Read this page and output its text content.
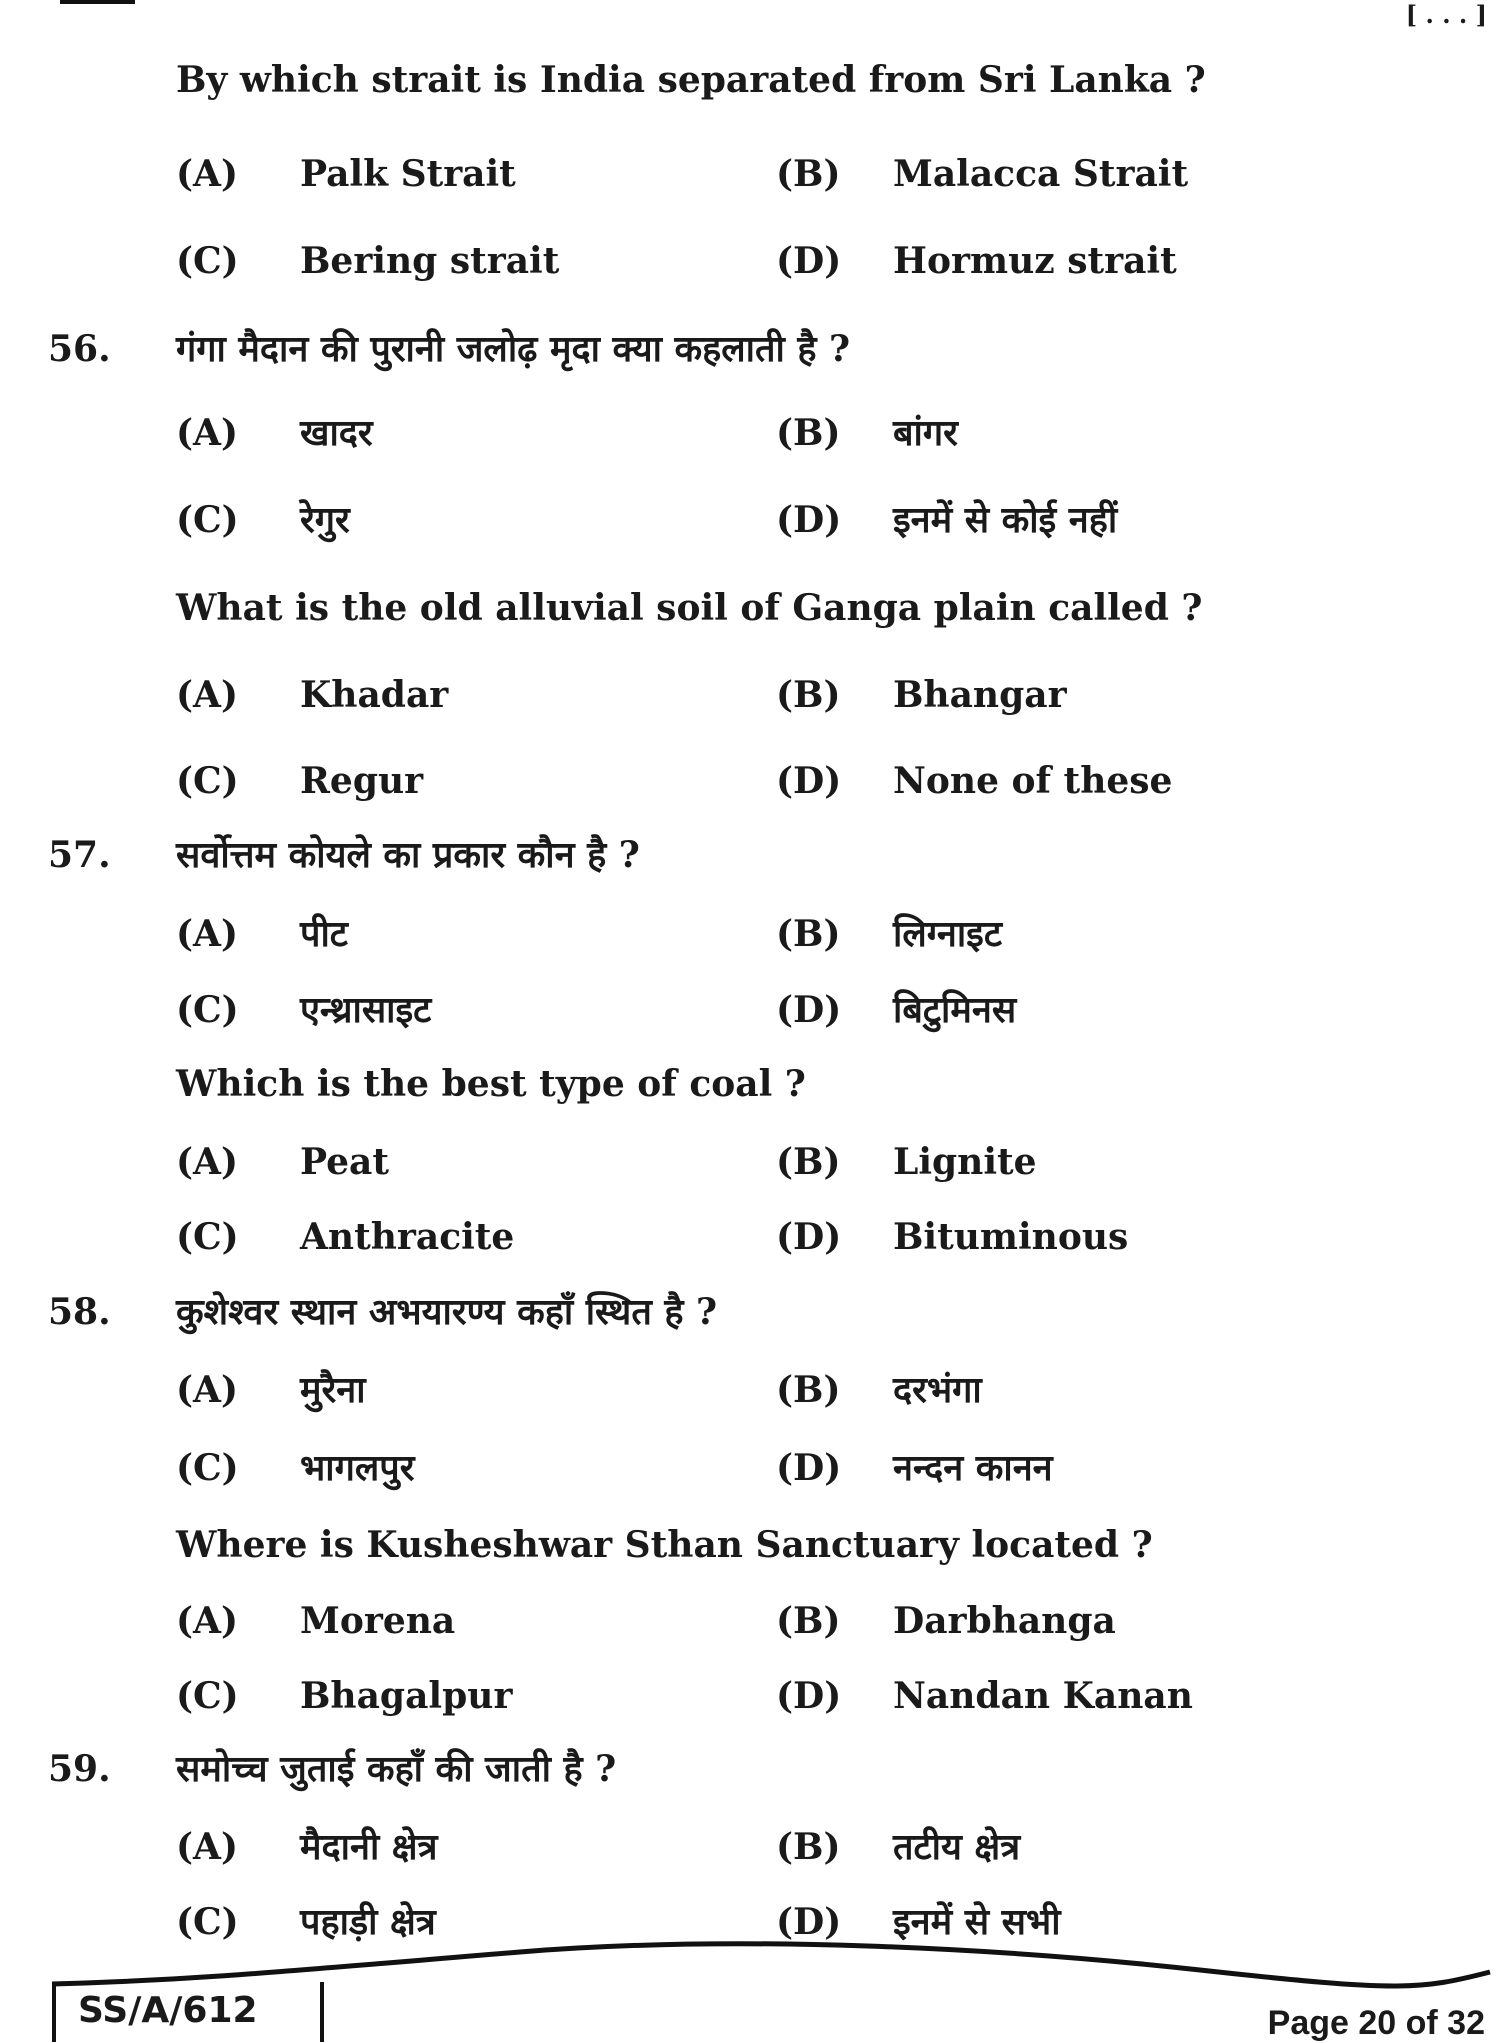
[ . . . ]
By which strait is India separated from Sri Lanka ?
(A) Palk Strait	(B) Malacca Strait
(C) Bering strait	(D) Hormuz strait
56. गंगा मैदान की पुरानी जलोढ़ मृदा क्या कहलाती है ?
(A) खादर	(B) बांगर
(C) रेगुर	(D) इनमें से कोई नहीं
What is the old alluvial soil of Ganga plain called ?
(A) Khadar	(B) Bhangar
(C) Regur	(D) None of these
57. सर्वोत्तम कोयले का प्रकार कौन है ?
(A) पीट	(B) लिग्नाइट
(C) एन्थ्रासाइट	(D) बिटुमिनस
Which is the best type of coal ?
(A) Peat	(B) Lignite
(C) Anthracite	(D) Bituminous
58. कुशेश्वर स्थान अभयारण्य कहाँ स्थित है ?
(A) मुरैना	(B) दरभंगा
(C) भागलपुर	(D) नन्दन कानन
Where is Kusheshwar Sthan Sanctuary located ?
(A) Morena	(B) Darbhanga
(C) Bhagalpur	(D) Nandan Kanan
59. समोच्च जुताई कहाँ की जाती है ?
(A) मैदानी क्षेत्र	(B) तटीय क्षेत्र
(C) पहाड़ी क्षेत्र	(D) इनमें से सभी
SS/A/612	Page 20 of 32
